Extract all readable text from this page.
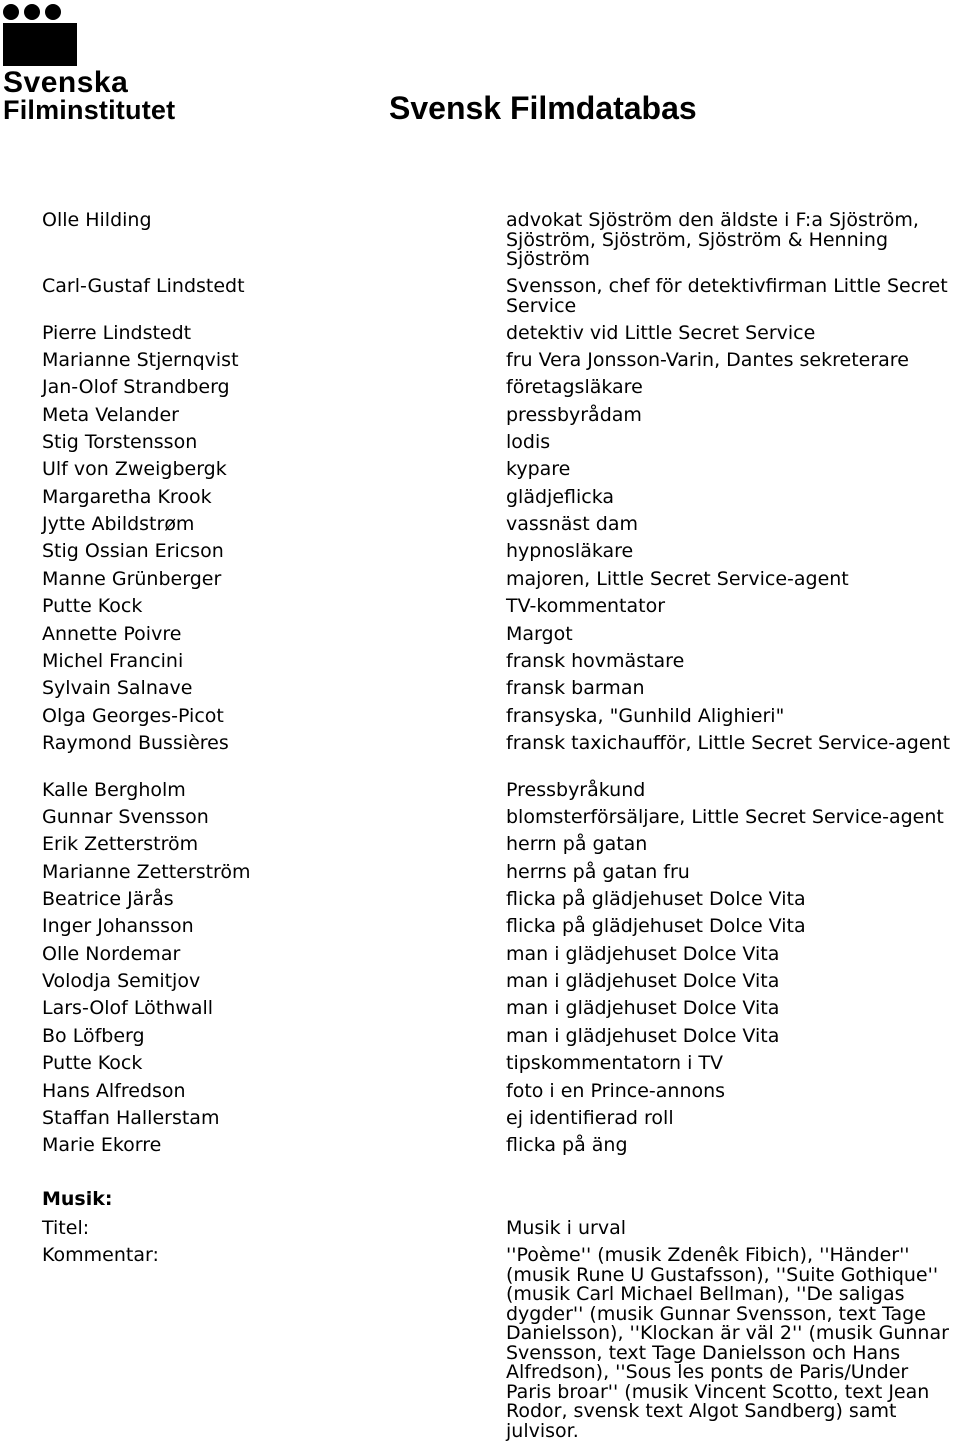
Svenska
Filminstitutet	Svensk Filmdatabas
Olle Hilding	advokat Sjöström den äldste i F:a Sjöström, Sjöström, Sjöström, Sjöström & Henning Sjöström
Carl-Gustaf Lindstedt	Svensson, chef för detektivfirman Little Secret Service
Pierre Lindstedt	detektiv vid Little Secret Service
Marianne Stjernqvist	fru Vera Jonsson-Varin, Dantes sekreterare
Jan-Olof Strandberg	företagsläkare
Meta Velander	pressbyrådam
Stig Torstensson	lodis
Ulf von Zweigbergk	kypare
Margaretha Krook	glädjeflicka
Jytte Abildstrøm	vassnäst dam
Stig Ossian Ericson	hypnosläkare
Manne Grünberger	majoren, Little Secret Service-agent
Putte Kock	TV-kommentator
Annette Poivre	Margot
Michel Francini	fransk hovmästare
Sylvain Salnave	fransk barman
Olga Georges-Picot	fransyska, "Gunhild Alighieri"
Raymond Bussières	fransk taxichaufför, Little Secret Service-agent
Kalle Bergholm	Pressbyråkund
Gunnar Svensson	blomsterförsäljare, Little Secret Service-agent
Erik Zetterström	herrn på gatan
Marianne Zetterström	herrns på gatan fru
Beatrice Järås	flicka på glädjehuset Dolce Vita
Inger Johansson	flicka på glädjehuset Dolce Vita
Olle Nordemar	man i glädjehuset Dolce Vita
Volodja Semitjov	man i glädjehuset Dolce Vita
Lars-Olof Löthwall	man i glädjehuset Dolce Vita
Bo Löfberg	man i glädjehuset Dolce Vita
Putte Kock	tipskommentatorn i TV
Hans Alfredson	foto i en Prince-annons
Staffan Hallerstam	ej identifierad roll
Marie Ekorre	flicka på äng
Musik:
Titel:	Musik i urval
Kommentar:	''Poème'' (musik Zdenêk Fibich), ''Händer'' (musik Rune U Gustafsson), ''Suite Gothique'' (musik Carl Michael Bellman), ''De saligas dygder'' (musik Gunnar Svensson, text Tage Danielsson), ''Klockan är väl 2'' (musik Gunnar Svensson, text Tage Danielsson och Hans Alfredson), ''Sous les ponts de Paris/Under Paris broar'' (musik Vincent Scotto, text Jean Rodor, svensk text Algot Sandberg) samt julvisor.
